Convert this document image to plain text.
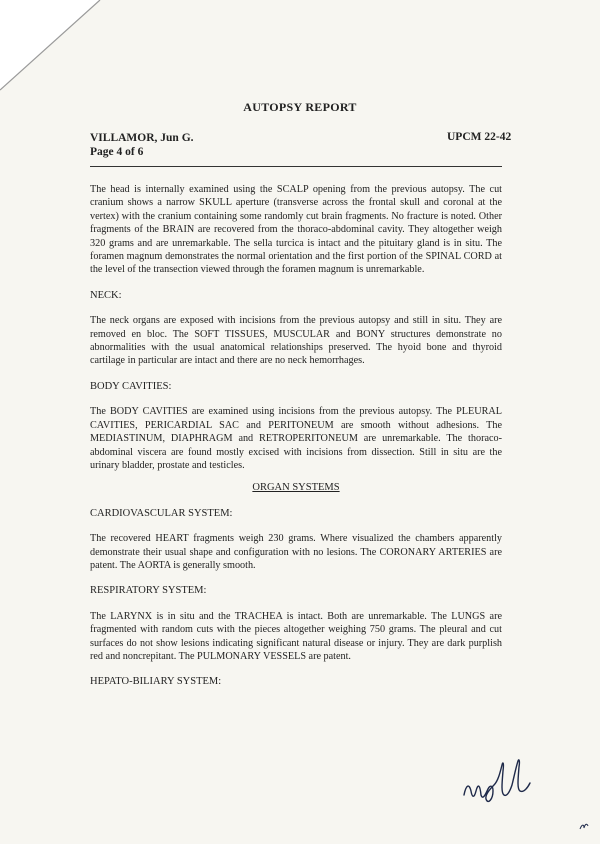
AUTOPSY REPORT
VILLAMOR, Jun G.
Page 4 of 6
UPCM 22-42

The head is internally examined using the SCALP opening from the previous autopsy. The cut cranium shows a narrow SKULL aperture (transverse across the frontal skull and coronal at the vertex) with the cranium containing some randomly cut brain fragments. No fracture is noted. Other fragments of the BRAIN are recovered from the thoraco-abdominal cavity. They altogether weigh 320 grams and are unremarkable. The sella turcica is intact and the pituitary gland is in situ. The foramen magnum demonstrates the normal orientation and the first portion of the SPINAL CORD at the level of the transection viewed through the foramen magnum is unremarkable.

NECK:

The neck organs are exposed with incisions from the previous autopsy and still in situ. They are removed en bloc. The SOFT TISSUES, MUSCULAR and BONY structures demonstrate no abnormalities with the usual anatomical relationships preserved. The hyoid bone and thyroid cartilage in particular are intact and there are no neck hemorrhages.

BODY CAVITIES:

The BODY CAVITIES are examined using incisions from the previous autopsy. The PLEURAL CAVITIES, PERICARDIAL SAC and PERITONEUM are smooth without adhesions. The MEDIASTINUM, DIAPHRAGM and RETROPERITONEUM are unremarkable. The thoraco-abdominal viscera are found mostly excised with incisions from dissection. Still in situ are the urinary bladder, prostate and testicles.

ORGAN SYSTEMS
CARDIOVASCULAR SYSTEM:

The recovered HEART fragments weigh 230 grams. Where visualized the chambers apparently demonstrate their usual shape and configuration with no lesions. The CORONARY ARTERIES are patent. The AORTA is generally smooth.

RESPIRATORY SYSTEM:

The LARYNX is in situ and the TRACHEA is intact. Both are unremarkable. The LUNGS are fragmented with random cuts with the pieces altogether weighing 750 grams. The pleural and cut surfaces do not show lesions indicating significant natural disease or injury. They are dark purplish red and noncrepitant. The PULMONARY VESSELS are patent.

HEPATO-BILIARY SYSTEM:
